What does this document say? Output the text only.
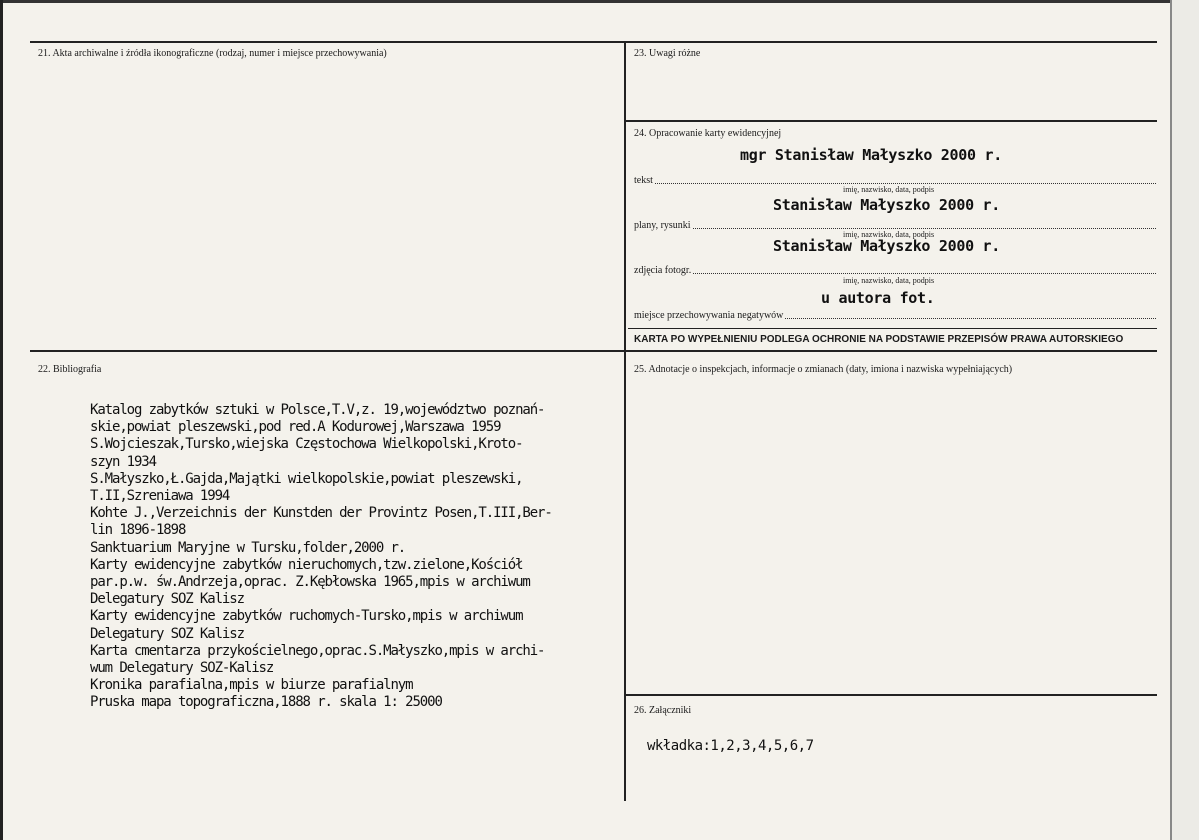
21. Akta archiwalne i źródła ikonograficzne (rodzaj, numer i miejsce przechowywania)	23. Uwagi różne
24. Opracowanie karty ewidencyjnej
mgr Stanisław Małyszko 2000 r.
tekst
imię, nazwisko, data, podpis
Stanisław Małyszko 2000 r.
plany, rysunki
imię, nazwisko, data, podpis
Stanisław Małyszko 2000 r.
zdjęcia fotogr.
imię, nazwisko, data, podpis
u autora fot.
miejsce przechowywania negatywów
KARTA PO WYPEŁNIENIU PODLEGA OCHRONIE NA PODSTAWIE PRZEPISÓW PRAWA AUTORSKIEGO
22. Bibliografia
Katalog zabytków sztuki w Polsce,T.V,z. 19,województwo poznań-
skie,powiat pleszewski,pod red.A Kodurowej,Warszawa 1959
S.Wojcieszak,Tursko,wiejska Częstochowa Wielkopolski,Kroto-
szyn 1934
S.Małyszko,Ł.Gajda,Majątki wielkopolskie,powiat pleszewski,
T.II,Szreniawa 1994
Kohte J.,Verzeichnis der Kunstden der Provintz Posen,T.III,Ber-
lin 1896-1898
Sanktuarium Maryjne w Tursku,folder,2000 r.
Karty ewidencyjne zabytków nieruchomych,tzw.zielone,Kościół
par.p.w. św.Andrzeja,oprac. Z.Kębłowska 1965,mpis w archiwum
Delegatury SOZ Kalisz
Karty ewidencyjne zabytków ruchomych-Tursko,mpis w archiwum
Delegatury SOZ Kalisz
Karta cmentarza przykościelnego,oprac.S.Małyszko,mpis w archi-
wum Delegatury SOZ-Kalisz
Kronika parafialna,mpis w biurze parafialnym
Pruska mapa topograficzna,1888 r. skala 1: 25000
25. Adnotacje o inspekcjach, informacje o zmianach (daty, imiona i nazwiska wypełniających)
26. Załączniki
wkładka:1,2,3,4,5,6,7
